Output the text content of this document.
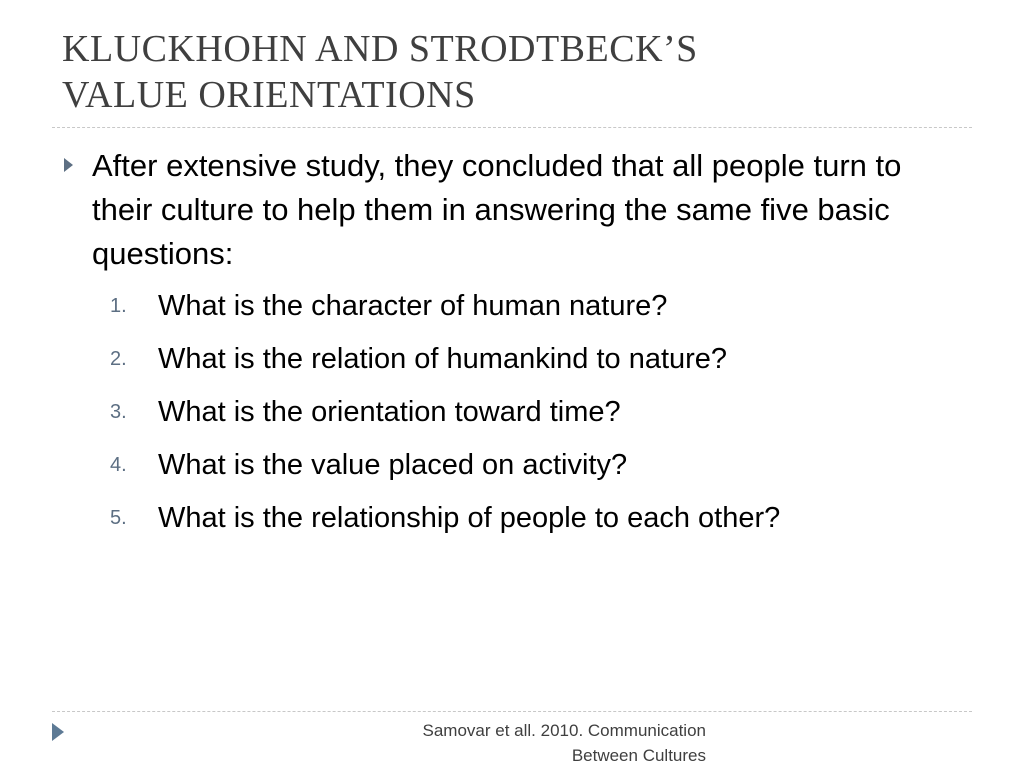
KLUCKHOHN AND STRODTBECK’S
VALUE ORIENTATIONS
After extensive study, they concluded that all people turn to their culture to help them in answering the same five basic questions:
1.	What is the character of human nature?
2.	What is the relation of humankind to nature?
3.	What is the orientation toward time?
4.	What is the value placed on activity?
5.	What is the relationship of people to each other?
Samovar et all. 2010. Communication
Between Cultures
